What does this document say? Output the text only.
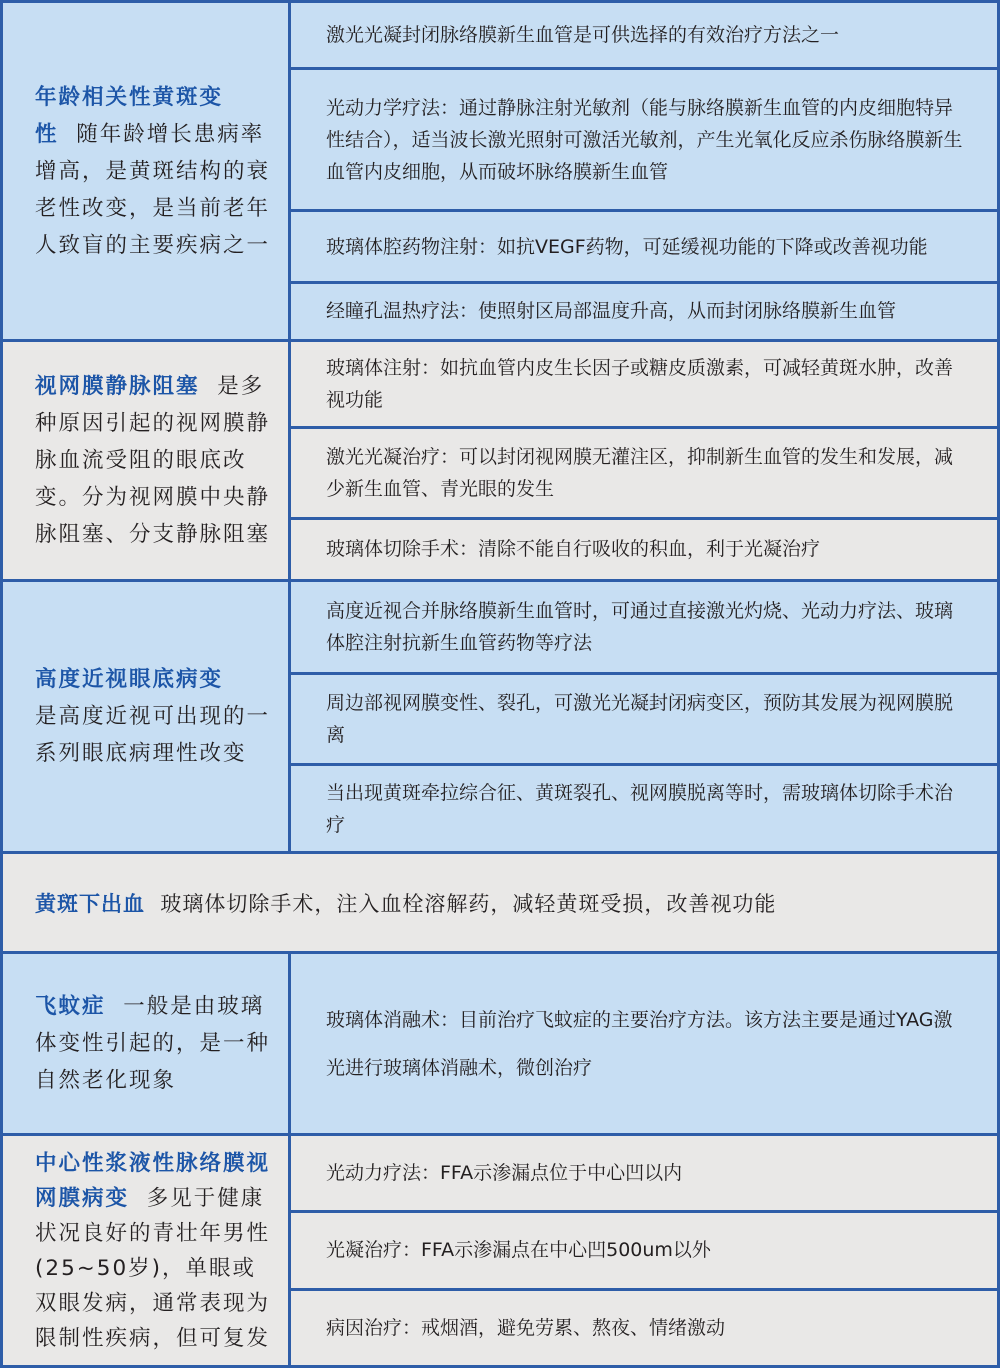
年龄相关性黄斑变性 随年龄增长患病率增高，是黄斑结构的衰老性改变，是当前老年人致盲的主要疾病之一
激光光凝封闭脉络膜新生血管是可供选择的有效治疗方法之一
光动力学疗法：通过静脉注射光敏剂（能与脉络膜新生血管的内皮细胞特异性结合），适当波长激光照射可激活光敏剂，产生光氧化反应杀伤脉络膜新生血管内皮细胞，从而破坏脉络膜新生血管
玻璃体腔药物注射：如抗VEGF药物，可延缓视功能的下降或改善视功能
经瞳孔温热疗法：使照射区局部温度升高，从而封闭脉络膜新生血管
视网膜静脉阻塞 是多种原因引起的视网膜静脉血流受阻的眼底改变。分为视网膜中央静脉阻塞、分支静脉阻塞
玻璃体注射：如抗血管内皮生长因子或糖皮质激素，可减轻黄斑水肿，改善视功能
激光光凝治疗：可以封闭视网膜无灌注区，抑制新生血管的发生和发展，减少新生血管、青光眼的发生
玻璃体切除手术：清除不能自行吸收的积血，利于光凝治疗
高度近视眼底病变
是高度近视可出现的一系列眼底病理性改变
高度近视合并脉络膜新生血管时，可通过直接激光灼烧、光动力疗法、玻璃体腔注射抗新生血管药物等疗法
周边部视网膜变性、裂孔，可激光光凝封闭病变区，预防其发展为视网膜脱离
当出现黄斑牵拉综合征、黄斑裂孔、视网膜脱离等时，需玻璃体切除手术治疗
黄斑下出血
玻璃体切除手术，注入血栓溶解药，减轻黄斑受损，改善视功能
飞蚊症 一般是由玻璃体变性引起的，是一种自然老化现象
玻璃体消融术：目前治疗飞蚊症的主要治疗方法。该方法主要是通过YAG激光进行玻璃体消融术，微创治疗
中心性浆液性脉络膜视网膜病变 多见于健康状况良好的青壮年男性(25~50岁)，单眼或双眼发病，通常表现为限制性疾病，但可复发
光动力疗法：FFA示渗漏点位于中心凹以内
光凝治疗：FFA示渗漏点在中心凹500um以外
病因治疗：戒烟酒，避免劳累、熬夜、情绪激动
